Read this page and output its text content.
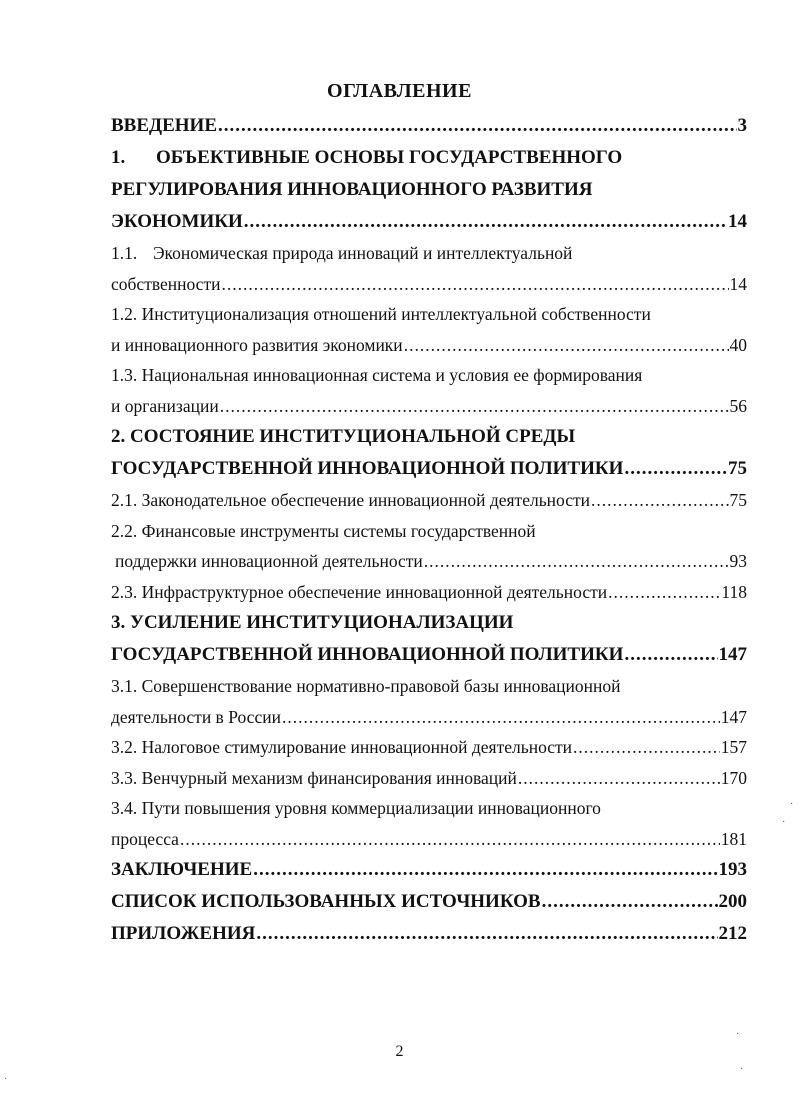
ОГЛАВЛЕНИЕ
ВВЕДЕНИЕ .....	3
1. ОБЪЕКТИВНЫЕ ОСНОВЫ ГОСУДАРСТВЕННОГО
РЕГУЛИРОВАНИЯ ИННОВАЦИОННОГО РАЗВИТИЯ
ЭКОНОМИКИ .....	14
1.1. Экономическая природа инноваций и интеллектуальной
собственности .....	14
1.2. Институционализация отношений интеллектуальной собственности
и инновационного развития экономики .....	40
1.3. Национальная инновационная система и условия ее формирования
и организации .....	56
2. СОСТОЯНИЕ ИНСТИТУЦИОНАЛЬНОЙ СРЕДЫ
ГОСУДАРСТВЕННОЙ ИННОВАЦИОННОЙ ПОЛИТИКИ .....	75
2.1. Законодательное обеспечение инновационной деятельности .....	75
2.2. Финансовые инструменты системы государственной
поддержки инновационной деятельности .....	93
2.3. Инфраструктурное обеспечение инновационной деятельности .....	118
3. УСИЛЕНИЕ ИНСТИТУЦИОНАЛИЗАЦИИ
ГОСУДАРСТВЕННОЙ ИННОВАЦИОННОЙ ПОЛИТИКИ .....	147
3.1. Совершенствование нормативно-правовой базы инновационной
деятельности в России .....	147
3.2. Налоговое стимулирование инновационной деятельности .....	157
3.3. Венчурный механизм финансирования инноваций .....	170
3.4. Пути повышения уровня коммерциализации инновационного
процесса .....	181
ЗАКЛЮЧЕНИЕ .....	193
СПИСОК ИСПОЛЬЗОВАННЫХ ИСТОЧНИКОВ .....	200
ПРИЛОЖЕНИЯ .....	212
2
·
·
·
·
·
